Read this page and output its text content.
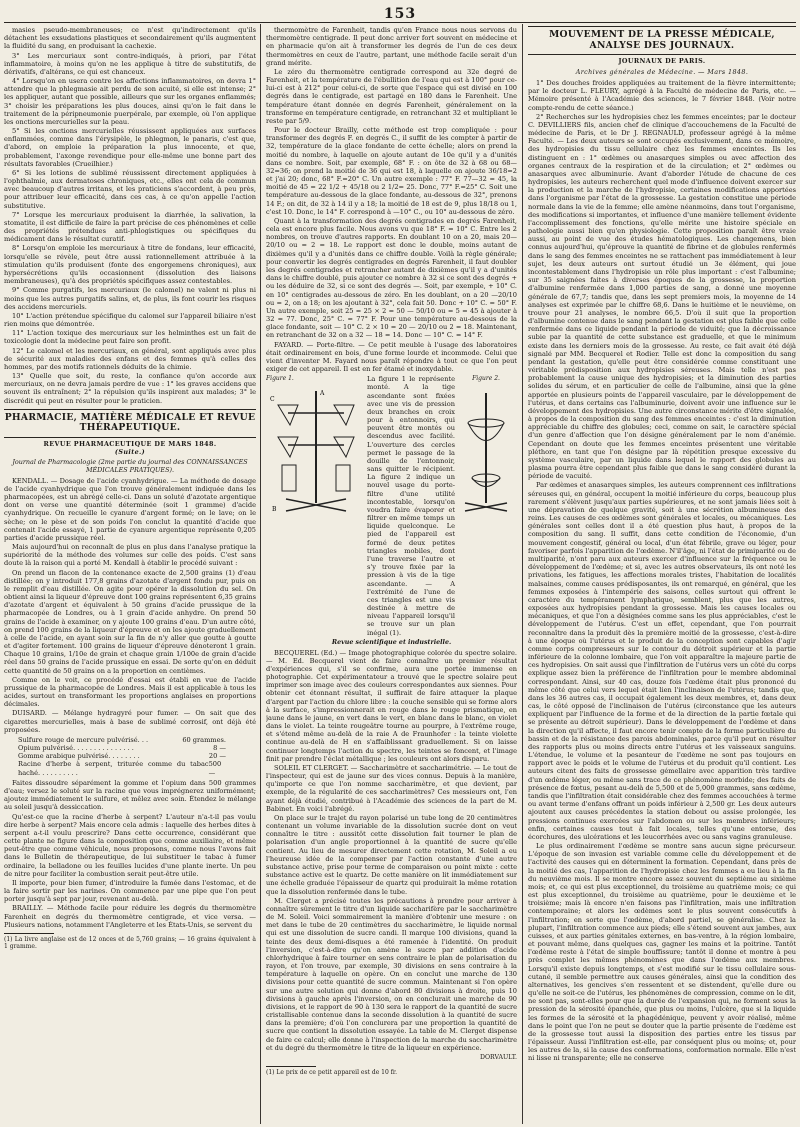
153

masies pseudo-membraneuses; ce n'est qu'indirectement qu'ils détachent les exsudations plastiques et secondairement qu'ils augmentent la fluidité du sang, en produisant la cachexie.

3° Les mercuriaux sont contre-indiqués, à priori, par l'état inflammatoire, à moins qu'on ne les applique à titre de substitutifs, de dérivatifs, d'altérans, ce qui est chanceux.

4° Lorsqu'on en usera contre les affections inflammatoires, on devra 1° attendre que la phlegmasie ait perdu de son acuité, si elle est intense; 2° les appliquer, autant que possible, ailleurs que sur les organes enflammés; 3° choisir les préparations les plus douces, ainsi qu'on le fait dans le traitement de la péripneumonie puerpérale, par exemple, où l'on applique les onctions mercurielles sur la peau.

5° Si les onctions mercurielles réussissent appliquées aux surfaces enflammées, comme dans l'érysipèle, le phlegmon, le panaris, c'est que, d'abord, on emploie la préparation la plus innocente, et que, probablement, l'axonge revendique pour elle-même une bonne part des résultats favorables (Crueilhier.)

6° Si les lotions de sublimé réussissent directement appliquées à l'ophthalmie, aux dermatoses chroniques, etc., elles ont cela de commun avec beaucoup d'autres irritans, et les praticiens s'accordent, à peu près, pour attribuer leur efficacité, dans ces cas, à ce qu'on appelle l'action substitutive.

7° Lorsque les mercuriaux produisent la diarrhée, la salivation, la stomatite, il est difficile de faire la part précise de ces phénomènes et celle des propriétés prétendues anti-phlogistiques ou spécifiques du médicament dans le résultat curatif.

8° Lorsqu'on emploie les mercuriaux à titre de fondans, leur efficacité, lorsqu'elle se révèle, peut être aussi rationnellement attribuée à la stimulation qu'ils produisent (fonte des engorgemens chroniques), aux hypersécrétions qu'ils occasionnent (dissolution des liaisons membraneuses), qu'à des propriétés spécifiques assez contestables.

9° Comme purgatifs, les mercuriaux (le calomel) ne valent ni plus ni moins que les autres purgatifs salins, et, de plus, ils font courir les risques des accidens mercuriels.

10° L'action prétendue spécifique du calomel sur l'appareil biliaire n'est rien moins que démontrée.

11° L'action toxique des mercuriaux sur les helminthes est un fait de toxicologie dont la médecine peut faire son profit.

12° Le calomel et les mercuriaux, en général, sont appliqués avec plus de sécurité aux maladies des enfans et des femmes qu'à celles des hommes, par des motifs rationnels déduits de la chimie.

13° Quelle que soit, du reste, la confiance qu'on accorde aux mercuriaux, on ne devra jamais perdre de vue : 1° les graves accidens que souvent ils entraînent; 2° la répulsion qu'ils inspirent aux malades; 3° le discrédit qui peut en résulter pour le praticien.

PHARMACIE, MATIÈRE MÉDICALE ET REVUE THÉRAPEUTIQUE.
REVUE PHARMACEUTIQUE DE MARS 1848.
(Suite.)
Journal de Pharmacologie (2me partie du journal des CONNAISSANCES MÉDICALES PRATIQUES).

KENDALL. — Dosage de l'acide cyanhydrique. — La méthode de dosage de l'acide cyanhydrique que l'on trouve généralement indiquée dans les pharmacopées, est un abrégé celle-ci. Dans un soluté d'azotate argentique dont on verse une quantité déterminée (soit 1 gramme) d'acide cyanhydrique. On recueille le cyanure d'argent formé; on le lave; on le sèche; on le pèse et de son poids l'on conclut la quantité d'acide que contenait l'acide essayé, 1 partie de cyanure argentique représente 0,205 parties d'acide prussique réel.

Mais aujourd'hui on reconnaît de plus en plus dans l'analyse pratique la supériorité de la méthode des volumes sur celle des poids. C'est sans doute là la raison qui a porté M. Kendall à établir le procédé suivant :

On prend un flacon de la contenance exacte de 2,500 grains (1) d'eau distillée; on y introduit 177,8 grains d'azotate d'argent fondu pur, puis on le remplit d'eau distillée. On agite pour opérer la dissolution du sel. On obtient ainsi la liqueur d'épreuve dont 100 grains représentent 6,35 grains d'azotate d'argent et équivalent à 50 grains d'acide prussique de la pharmacopée de Londres, ou à 1 grain d'acide anhydre. On prend 50 grains de l'acide à examiner, on y ajoute 100 grains d'eau. D'un autre côté, on prend 100 grains de la liqueur d'épreuve et on les ajoute graduellement à celle de l'acide, en ayant soin sur la fin de n'y aller que goutte à goutte et d'agiter fortement. 100 grains de liqueur d'épreuve dénoteront 1 grain. Chaque 10 grains, 1/10e de grain et chaque grain 1/100e de grain d'acide réel dans 50 grains de l'acide prussique en essai. De sorte qu'on en déduit cette quantité de 50 grains on a la proportion en centièmes.

Comme on le voit, ce procédé d'essai est établi en vue de l'acide prussique de la pharmacopée de Londres. Mais il est applicable à tous les acides, surtout en transformant les proportions anglaises en proportions décimales.

DUISARD. — Mélange hydragyré pour fumer. — On sait que des cigarettes mercurielles, mais à base de sublimé corrosif, ont déjà été proposées.

Sulfure rouge de mercure pulvérisé. . .	60 grammes.
Opium pulvérisé. . . . . . . . . . . . . . .	8 —
Gomme arabique pulvérisé. . . . . . . .	20 —
Racine d'herbe à serpent, triturée comme du tabac haché. . . . . . . . . .
500 —

Faites dissoudre séparément la gomme et l'opium dans 500 grammes d'eau; versez le soluté sur la racine que vous imprégnerez uniformément; ajoutez immédiatement le sulfure, et mêlez avec soin. Étendez le mélange au soleil jusqu'à dessiccation.

Qu'est-ce que la racine d'herbe à serpent? L'auteur n'a-t-il pas voulu dire herbe à serpent? Mais encore cela admis : laquelle des herbes dites à serpent a-t-il voulu prescrire? Dans cette occurrence, considérant que cette plante ne figure dans la composition que comme auxiliaire, et même peut-être que comme véhicule, nous proposons, comme nous l'avons fait dans le Bulletin de thérapeutique, de lui substituer le tabac à fumer ordinaire, la belladone ou les feuilles lucides d'une plante inerte. Un peu de nitre pour faciliter la combustion serait peut-être utile.

Il importe, pour bien fumer, d'introduire la fumée dans l'estomac, et de la faire sortir par les narines. On commence par une pipe que l'on peut porter jusqu'à sept par jour, revenant au-delà.

BRAILLY. — Méthode facile pour réduire les degrés du thermomètre Farenheit en degrés du thermomètre centigrade, et vice versa. — Plusieurs nations, notamment l'Angleterre et les États-Unis, se servent du

(1) La livre anglaise est de 12 onces et de 5,760 grains; — 16 grains équivalent à 1 gramme.

thermomètre de Farenheit, tandis qu'en France nous nous servons du thermomètre centigrade. Il peut donc arriver fort souvent en médecine et en pharmacie qu'on ait à transformer les degrés de l'un de ces deux thermomètres en ceux de l'autre, partant, une méthode facile serait d'un grand mérite.

Le zéro du thermomètre centigrade correspond au 32e degré de Farenheit, et la température de l'ébullition de l'eau qui est à 100° pour ce-lui-ci est à 212° pour celui-ci, de sorte que l'espace qui est divisé en 100 degrés dans le centigrade, est partagé en 180 dans le Farenheit. Une température étant donnée en degrés Farenheit, généralement on la transforme en température centigrade, en retranchant 32 et multipliant le reste par 5/9.

Pour le docteur Brailly, cette méthode est trop compliquée : pour transformer des degrés F. en degrés C., il suffit de les compter à partir de 32, température de la glace fondante de cette échelle; alors on prend la moitié du nombre, à laquelle on ajoute autant de 10e qu'il y a d'unités dans ce nombre. Soit, par exemple, 68° F. : on ôte de 32 à 68 ou 68—32=36; on prend la moitié de 36 qui est 18, à laquelle on ajoute 36/18=2 et j'ai 20; donc, 68° F.=20° C. Un autre exemple : 77° F. 77—32 = 45, la moitié de 45 = 22 1/2 + 45/18 ou 2 1/2= 25. Donc, 77° F.=25° C. Soit une température au-dessous de la glace fondante, au-dessous de 32°, prenons 14 F.; on dit, de 32 à 14 il y a 18; la moitié de 18 est de 9, plus 18/18 ou 1, c'est 10. Donc, le 14° F. correspond à —10° C., ou 10° au-dessous de zéro.

Quant à la transformation des degrés centigrades en degrés Farenheit, cela est encore plus facile. Nous avons vu que 18° F. = 10° C. Entre les 2 nombres, on trouve d'autres rapports. En doublant 10 on a 20, mais 20—20/10 ou = 2 = 18. Le rapport est donc le double, moins autant de dixièmes qu'il y a d'unités dans ce chiffre double. Voilà la règle générale; pour convertir les degrés centigrades en degrés Farenheit, il faut doubler les degrés centigrades et retrancher autant de dixièmes qu'il y a d'unités dans le chiffre doublé, puis ajouter ce nombre à 32 si ce sont des degrés + ou les déduire de 32, si ce sont des degrés —. Soit, par exemple, + 10° C. en 10° centigrades au-dessous de zéro. En les doublant, on a 20 —20/10 ou = 2, on a 18; on les ajoutant à 32°, cela fait 50. Donc + 10° C. = 50° F. Un autre exemple, soit 25 = 25 × 2 = 50 — 50/10 ou = 5 = 45 à ajouter à 32 = 77. Donc, 25° C. = 77° F. Pour une température au-dessous de la glace fondante, soit — 10° C. 2 × 10 = 20 — 20/10 ou 2 = 18. Maintenant, en retranchant de 32 on a 32 — 18 = 14. Donc — 10° C. = 14° F.

FAYARD. — Porte-filtre. — Ce petit meuble à l'usage des laboratoires était ordinairement en bois, d'une forme lourde et incommode. Celui que vient d'inventer M. Fayard nous paraît répondre à tout ce que l'on peut exiger de cet appareil. Il est en fer étamé et inoxydable.

Figure 1.
A
B
C
La figure 1 le représente monté. A la tige ascendante sont fixées avec une vis de pression deux branches en croix pour à entonnoirs, qui peuvent être montés ou descendus avec facilité. L'ouverture des cercles permet le passage de la douille de l'entonnoir, sans quitter le récipient. La figure 2 indique un nouvel usage du porte-filtre d'une utilité incontestable, lorsqu'on voudra faire évaporer et filtrer en même temps un liquide quelconque. Le pied de l'appareil est formé de deux petites triangles mobiles, dont l'une traverse l'autre et s'y trouve fixée par la pression à vis de la tige ascendante. — A l'extrémité de l'une de ces triangles est une vis destinée à mettre de niveau l'appareil lorsqu'il se trouve sur un plan inégal (1).
Figure 2.
Revue scientifique et industrielle.

BECQUEREL (Ed.) — Image photographique colorée du spectre solaire. — M. Ed. Becquerel vient de faire connaître un premier résultat d'expériences qui, s'il se confirme, aura une portée immense en photographie. Cet expérimentateur a trouvé que le spectre solaire peut imprimer son image avec des couleurs correspondantes aux siennes. Pour obtenir cet étonnant résultat, il suffirait de faire attaquer la plaque d'argent par l'action du chlore libre : la couche sensible qui se forme alors à la surface, s'impressionnerait en rouge dans le rouge prismatique, en jaune dans le jaune, en vert dans le vert, en blanc dans le blanc, en violet dans le violet. La teinte rougeâtre tourne au pourpre, à l'extrême rouge, et s'étend même au-delà de la raie A de Fraunhofer : la teinte violette continue au-delà de H en s'affaiblissant graduellement. Si on laisse continuer longtemps l'action du spectre, les teintes se foncent, et l'image finit par prendre l'éclat métallique ; les couleurs ont alors disparu.

SOLEIL ET CLERGET. — Saccharimètre et saccharimétrie. — Le tout de l'inspecteur, qui est de jaune sur des vices connus. Depuis à la manière, qu'importe ce que l'on nomme saccharimètre, et que devient, par exemple, de la régularité de ces saccharimètres? Ces messieurs ont, l'en ayant déjà étudié, contribué à l'Académie des sciences de la part de M. Babinet. En voici l'abrégé.

On place sur le trajet du rayon polarisé un tube long de 20 centimètres contenant un volume invariable de la dissolution sucrée dont on veut connaître le titre : aussitôt cette dissolution fait tourner le plan de polarisation d'un angle proportionnel à la quantité de sucre qu'elle contient. Au lieu de mesurer directement cette rotation, M. Soleil a eu l'heureuse idée de la compenser par l'action constante d'une autre substance active, prise pour terme de comparaison ou point mixte : cette substance active est le quartz. De cette manière on lit immédiatement sur une échelle graduée l'épaisseur de quartz qui produirait la même rotation que la dissolution renfermée dans le tube.

M. Clerget a précisé toutes les précautions à prendre pour arriver à connaître sûrement le titre d'un liquide saccharifère par le saccharimètre de M. Soleil. Voici sommairement la manière d'obtenir une mesure : on met dans le tube de 20 centimètres du saccharimètre, le liquide normal qui est une dissolution de sucre candi. Il marque 100 divisions, quand la teinte des deux demi-disques a été ramenée à l'identité. On produit l'inversion, c'est-à-dire qu'on amène le sucre par addition d'acide chlorhydrique à faire tourner en sens contraire le plan de polarisation du rayon, et l'on trouve, par exemple, 30 divisions en sens contraire à la température à laquelle on opère. On en conclut une marche de 130 divisions pour cette quantité de sucre commun. Maintenant si l'on opère sur une autre solution qui donne d'abord 80 divisions à droite, puis 10 divisions à gauche après l'inversion, on en conclurait une marche de 90 divisions, et le rapport de 90 à 130 sera le rapport de la quantité de sucre cristallisable contenue dans la seconde dissolution à la quantité de sucre dans la première; d'où l'on conclurera par une proportion la quantité de sucre que contient la dissolution essayée. La table de M. Clerget dispense de faire ce calcul; elle donne à l'inspection de la marche du saccharimètre et du degré du thermomètre le titre de la liqueur en expérience.

DORVAULT.

(1) Le prix de ce petit appareil est de 10 fr.

MOUVEMENT DE LA PRESSE MÉDICALE, ANALYSE DES JOURNAUX.
JOURNAUX DE PARIS.
Archives générales de Médecine. — Mars 1848.

1° Des douches froides appliquées au traitement de la fièvre intermittente; par le docteur L. FLEURY, agrégé à la Faculté de médecine de Paris, etc. — Mémoire présenté à l'Académie des sciences, le 7 février 1848. (Voir notre compte-rendu de cette séance.)

2° Recherches sur les hydropisies chez les femmes enceintes; par le docteur C. DEVILLIERS fils, ancien chef de clinique d'accouchemens de la Faculté de médecine de Paris, et le Dr J. REGNAULD, professeur agrégé à la même Faculté. — Les deux auteurs se sont occupés exclusivement, dans ce mémoire, des hydropisies du tissu cellulaire chez les femmes enceintes. Ils les distinguent en : 1° œdèmes ou anasarques simples ou avec affection des organes centraux de la respiration et de la circulation; et 2° œdèmes ou anasarques avec albuminurie. Avant d'aborder l'étude de chacune de ces hydropisies, les auteurs recherchent quel mode d'influence doivent exercer sur la production et la marche de l'hydropisie, certaines modifications apportées dans l'organisme par l'état de la grossesse. La gestation constitue une période normale dans la vie de la femme; elle amène néanmoins, dans tout l'organisme, des modifications si importantes, et influence d'une manière tellement évidente l'accomplissement des fonctions, qu'elle mérite une histoire spéciale en pathologie aussi bien qu'en physiologie. Cette proposition paraît être vraie aussi, au point de vue des études hématologiques. Les changemens, bien connus aujourd'hui, qu'éprouve la quantité de fibrine et de globules renfermés dans le sang des femmes enceintes ne se rattachent pas immédiatement à leur sujet, les deux auteurs ont surtout étudié un 3e élément, qui joue incontestablement dans l'hydropisie un rôle plus important : c'est l'albumine; sur 35 saignées faites à diverses époques de la grossesse, la proportion d'albumine renfermée dans 1,000 parties de sang, a donné une moyenne générale de 67,7; tandis que, dans les sept premiers mois, la moyenne de 14 analyses est exprimée par le chiffre 68,6. Dans le huitième et le neuvième, on trouve pour 21 analyses, le nombre 66,5. D'où il suit que la proportion d'albumine contenue dans le sang pendant la gestation est plus faible que celle renfermée dans ce liquide pendant la période de viduité; que la décroissance subie par la quantité de cette substance est graduelle, et que le minimum existe dans les derniers mois de la grossesse. Au reste, ce fait avait été déjà signalé par MM. Becquerel et Rodier. Telle est donc la composition du sang pendant la gestation, qu'elle peut être considérée comme constituant une véritable prédisposition aux hydropisies séreuses. Mais telle n'est pas probablement la cause unique des hydropisies; et la diminution des parties solides du sérum, et en particulier de celle de l'albumine, ainsi que la gêne apportée en plusieurs points de l'appareil vasculaire, par le développement de l'utérus, et dans certains cas l'albuminurie, doivent avoir une influence sur le développement des hydropisies. Une autre circonstance mérite d'être signalée, à propos de la composition du sang des femmes enceintes : c'est la diminution appréciable du chiffre des globules; ceci, comme on sait, le caractère spécial d'un genre d'affection que l'on désigne généralement par le nom d'anémie. Cependant on doute que les femmes enceintes présentent une véritable pléthore, en tant que l'on désigne par là répétition presque excessive du système vasculaire, par un liquide dans lequel le rapport des globules au plasma pourra être cependant plus faible que dans le sang considéré durant la période de vacuité.

Par œdèmes et anasarques simples, les auteurs comprennent ces infiltrations séreuses qui, en général, occupent la moitié inférieure du corps, beaucoup plus rarement s'élèvent jusqu'aux parties supérieures, et ne sont jamais liées soit à une dépravation de quelque gravité, soit à une sécrétion albumineuse des reins. Les causes de ces œdèmes sont générales et locales, ou mécaniques. Les générales sont celles dont il a été question plus haut, à propos de la composition du sang. Il suffit, dans cette condition de l'économie, d'un mouvement congestif, général ou local, d'un état fébrile, grave ou léger, pour favoriser parfois l'apparition de l'œdème. N'il'âge, ni l'état de primiparité ou de multiparité, n'ont paru aux auteurs exercer d'influence sur la fréquence ou le développement de l'œdème; et si, avec les autres observateurs, ils ont noté les privations, les fatigues, les affections morales tristes, l'habitation de localités malsaines, comme causes prédisposantes, ils ont remarqué, en général, que les femmes exposées à l'intempérie des saisons, celles surtout qui offrent le caractère du tempérament lymphatique, semblent, plus que les autres, exposées aux hydropisies pendant la grossesse. Mais les causes locales ou mécaniques, et que l'on a désignées comme sans les plus appréciables, c'est le développement de l'utérus. C'est un effet, cependant, que l'on pourrait reconnaître dans la produit dès la première moitié de la grossesse, c'est-à-dire à une époque où l'utérus et le produit de la conception sont capables d'agir comme corps compresseurs sur le contour du détroit supérieur et la partie inférieure de la colonne lombaire, que l'on voit apparaître la majeure partie de ces hydropisies. On sait aussi que l'infiltration de l'utérus vers un côté du corps explique assez bien la préférence de l'infiltration pour le membre abdominal correspondant. Ainsi, sur 40 cas, douze fois l'œdème était plus prononcé du même côté que celui vers lequel était lien l'inclinaison de l'utérus; tandis que, dans les 36 autres cas, il occupait également les deux membres, et, dans deux cas, le côté opposé de l'inclinaison de l'utérus (circonstance que les auteurs expliquent par l'influence de la forme et de la direction de la partie fœtale qui se présente au détroit supérieur). Dans le développement de l'œdème et dans la direction qu'il affecte, il faut encore tenir compte de la forme particulière du bassin et de la résistance des parois abdominales, parce qu'il peut en résulter des rapports plus ou moins directs entre l'utérus et les vaisseaux sanguins. L'étendue, le volume et la pesanteur de l'œdème ne sont pas toujours en rapport avec le poids et le volume de l'utérus et du produit qu'il contient. Les auteurs citent des faits de grossesse gémellaire avec apparition très tardive d'un œdème léger, ou même sans trace de ce phénomène morbide; des faits de présence de fœtus, pesant au-delà de 5,500 et de 5,000 grammes, sans œdème, tandis que l'infiltration était considérable chez des femmes accouchées à terme ou avant terme d'enfans offrant un poids inférieur à 2,500 gr. Les deux auteurs ajoutent aux causes précédentes la station debout ou assise prolongée, les pressions continues exercées sur l'abdomen ou sur les membres inférieurs; enfin, certaines causes tout à fait locales, telles qu'une entorse, des écorchures, des ulcérations et les leucorrhées avec ou sans vagins granuleuse.

Le plus ordinairement l'œdème se montre sans aucun signe précurseur. L'époque de son invasion est variable comme celle du développement et de l'activité des causes qui en déterminent la formation. Cependant, dans près de la moitié des cas, l'apparition de l'hydropisie chez les femmes a eu lieu à la fin du neuvième mois. Il se montre encore assez souvent du septième au sixième mois; et, ce qui est plus exceptionnel, du troisième au quatrième mois; ce qui est plus exceptionnel, du troisième au quatrième, pour le deuxième et le troisième; mais là encore n'en faisons pas l'infiltration, mais une infiltration contemporaine; et alors les œdèmes sont le plus souvent consécutifs à l'infiltration; en sorte que l'œdème, d'abord partiel, se généralise. Chez la plupart, l'infiltration commence aux pieds; elle s'étend souvent aux jambes, aux cuisses, et aux parties génitales externes, en bas-ventre, à la région lombaire, et pouvant même, dans quelques cas, gagner les mains et la poitrine. Tantôt l'œdème reste à l'état de simple bouffissure; tantôt il donne et montre à peu près complet les mêmes phénomènes que dans l'œdème aux membres. Lorsqu'il existe depuis longtemps, et s'est modifié sur le tissu cellulaire sous-cutané, il semble permettre aux causes générales, ainsi que la condition des alternatives, les gencives s'en ressentent et se distendent, qu'elle dure ou qu'elle ne soit-ce de l'utérus, les phénomènes de compression, comme on le dit, ne sont pas, sont-elles pour que la durée de l'expansion qui, ne forment sous la pression de la sérosité épanchée, que plus ou moins, l'ulcère, que si la liquide les formes de la sérosité et la phagédénique, peuvent y avoir réalisé, même dans le point que l'on ne peut se douter que la partie présente de l'œdème est de la grossesse tout aussi la disposition des parties entre les tissus par l'épaisseur. Aussi l'infiltration est-elle, par conséquent plus ou moins; et, pour les autres de la, si la cause des conformations, conformation normale. Elle n'est ni lisse ni transparente; elle ne conserve
